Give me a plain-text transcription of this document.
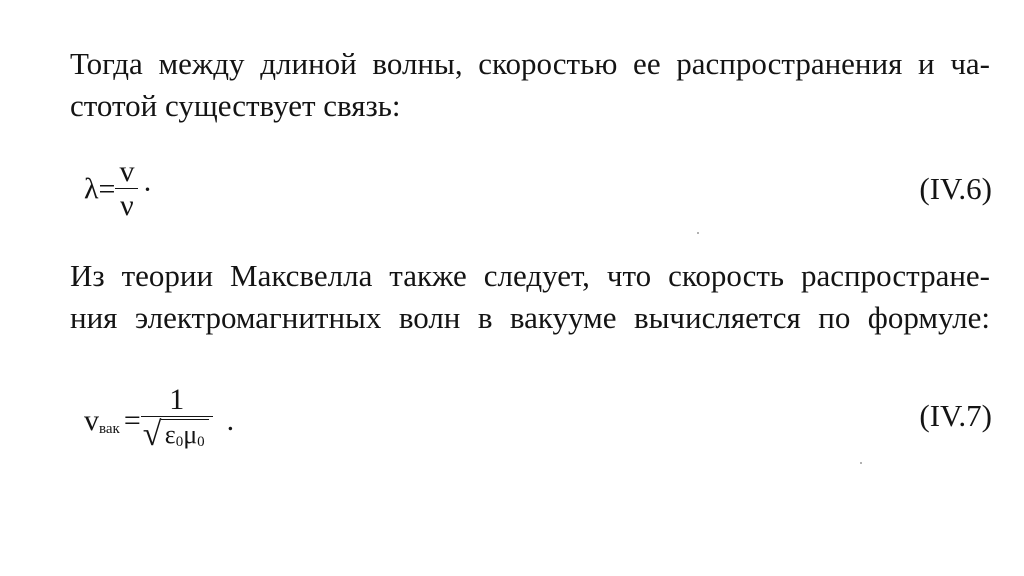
Тогда между длиной волны, скоростью ее распространения и ча-
стотой существует связь:
$\lambda= \frac{v}{\nu}$ ·	(IV.6)
Из теории Максвелла также следует, что скорость распростране-
ния электромагнитных волн в вакууме вычисляется по формуле:
$v_{вак} = \frac{1}{√ \varepsilon_0\mu_0}$ .	(IV.7)
